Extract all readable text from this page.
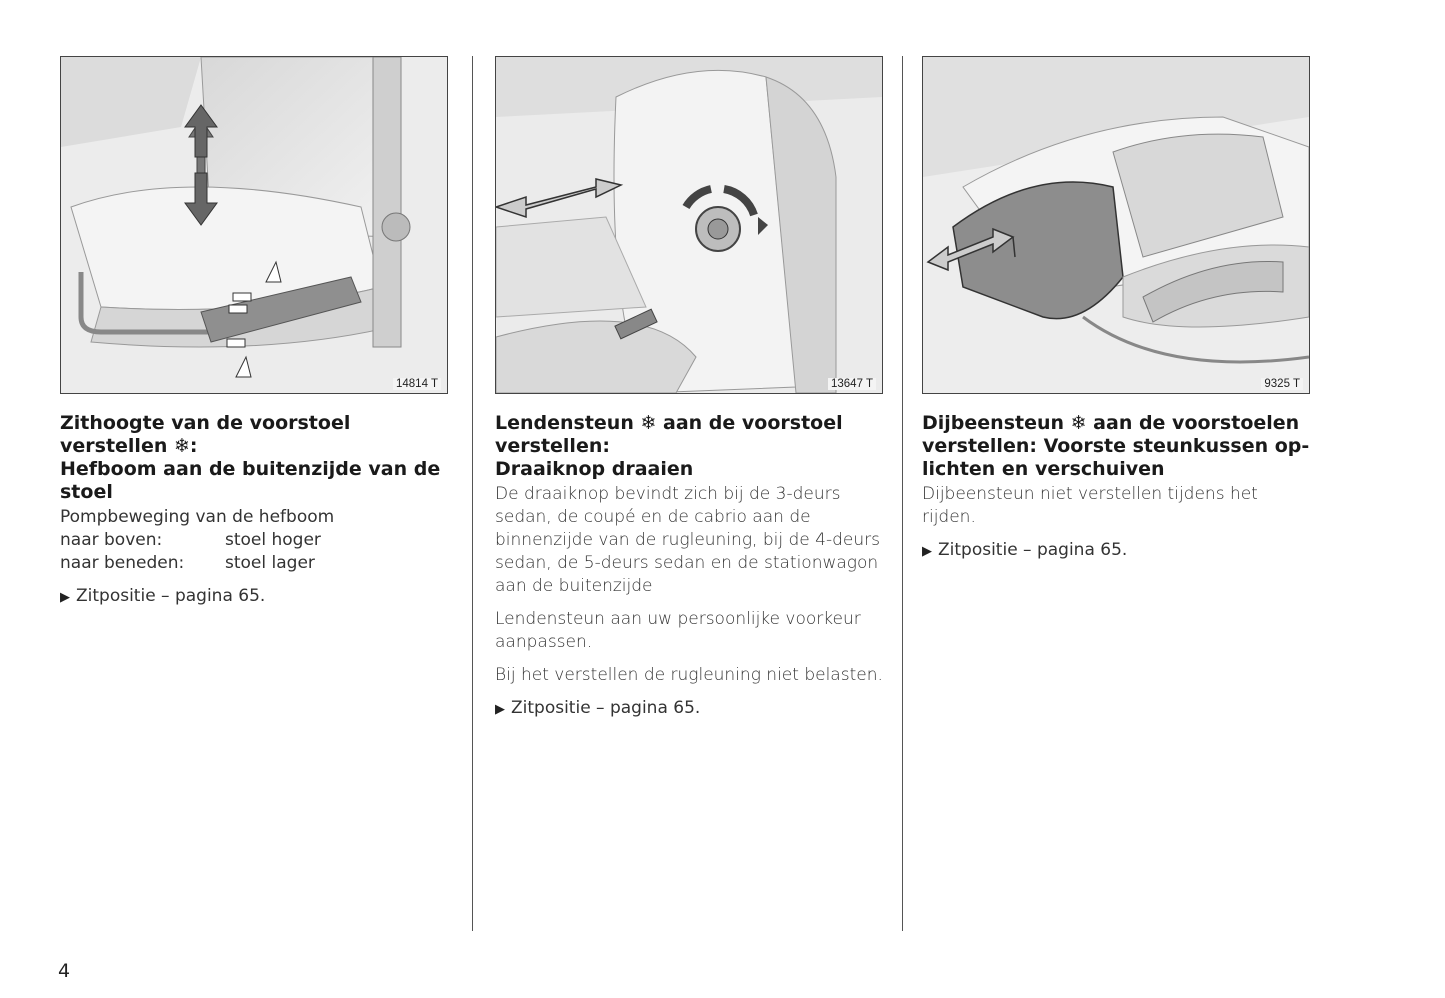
14814 T
Zithoogte van de voorstoel
verstellen ❄:
Hefboom aan de buitenzijde van de
stoel
Pompbeweging van de hefboom
naar boven:	stoel hoger
naar beneden:	stoel lager
▶ Zitpositie – pagina 65.
13647 T
Lendensteun ❄ aan de voorstoel
verstellen:
Draaiknop draaien

De draaiknop bevindt zich bij de 3-deurs sedan, de coupé en de cabrio aan de binnenzijde van de rugleuning, bij de 4-deurs sedan, de 5-deurs sedan en de stationwagon aan de buitenzijde

Lendensteun aan uw persoonlijke voorkeur aanpassen.

Bij het verstellen de rugleuning niet belasten.

▶ Zitpositie – pagina 65.
9325 T
Dijbeensteun ❄ aan de voorstoelen
verstellen: Voorste steunkussen op-
lichten en verschuiven

Dijbeensteun niet verstellen tijdens het rijden.

▶ Zitpositie – pagina 65.
4
